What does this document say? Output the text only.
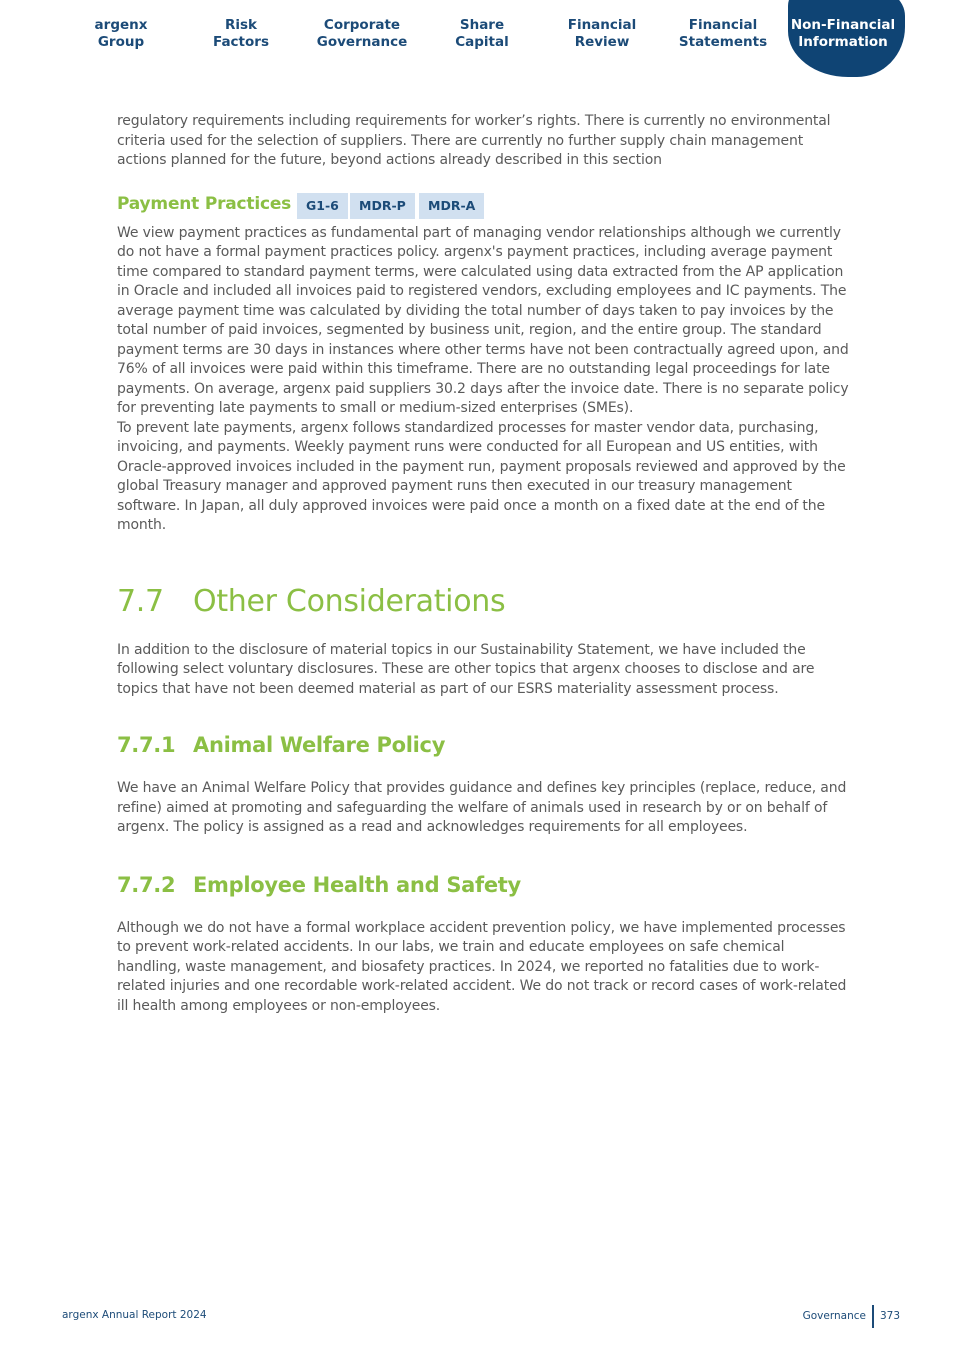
argenx
Group
Risk
Factors
Corporate
Governance
Share
Capital
Financial
Review
Financial
Statements
Non-Financial
Information

regulatory requirements including requirements for worker’s rights. There is currently no environmental criteria used for the selection of suppliers. There are currently no further supply chain management actions planned for the future, beyond actions already described in this section

Payment Practices	G1-6	MDR-P	MDR-A

We view payment practices as fundamental part of managing vendor relationships although we currently do not have a formal payment practices policy. argenx's payment practices, including average payment time compared to standard payment terms, were calculated using data extracted from the AP application in Oracle and included all invoices paid to registered vendors, excluding employees and IC payments. The average payment time was calculated by dividing the total number of days taken to pay invoices by the total number of paid invoices, segmented by business unit, region, and the entire group. The standard payment terms are 30 days in instances where other terms have not been contractually agreed upon, and 76% of all invoices were paid within this timeframe. There are no outstanding legal proceedings for late payments. On average, argenx paid suppliers 30.2 days after the invoice date. There is no separate policy for preventing late payments to small or medium-sized enterprises (SMEs).

To prevent late payments, argenx follows standardized processes for master vendor data, purchasing, invoicing, and payments. Weekly payment runs were conducted for all European and US entities, with Oracle-approved invoices included in the payment run, payment proposals reviewed and approved by the global Treasury manager and approved payment runs then executed in our treasury management software. In Japan, all duly approved invoices were paid once a month on a fixed date at the end of the month.

7.7 Other Considerations

In addition to the disclosure of material topics in our Sustainability Statement, we have included the following select voluntary disclosures. These are other topics that argenx chooses to disclose and are topics that have not been deemed material as part of our ESRS materiality assessment process.

7.7.1 Animal Welfare Policy

We have an Animal Welfare Policy that provides guidance and defines key principles (replace, reduce, and refine) aimed at promoting and safeguarding the welfare of animals used in research by or on behalf of argenx. The policy is assigned as a read and acknowledges requirements for all employees.

7.7.2 Employee Health and Safety

Although we do not have a formal workplace accident prevention policy, we have implemented processes to prevent work-related accidents. In our labs, we train and educate employees on safe chemical handling, waste management, and biosafety practices. In 2024, we reported no fatalities due to work-related injuries and one recordable work-related accident. We do not track or record cases of work-related ill health among employees or non-employees.

argenx Annual Report 2024	Governance 373
